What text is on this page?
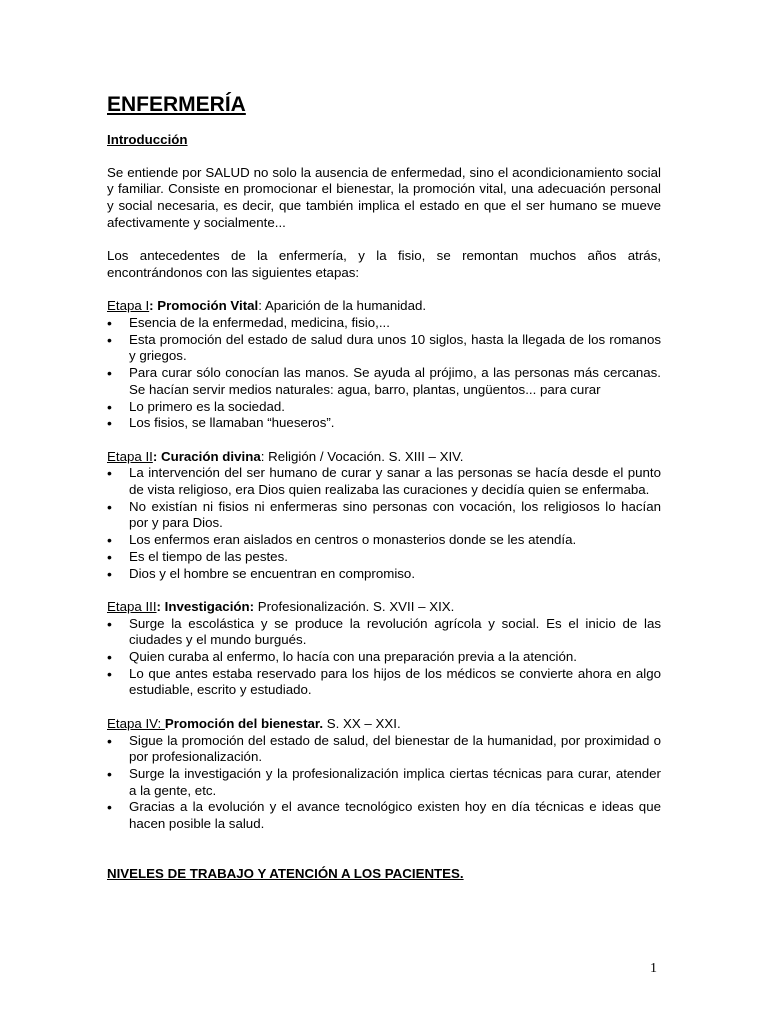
ENFERMERÍA
Introducción

Se entiende por SALUD no solo la ausencia de enfermedad, sino el acondicionamiento social y familiar. Consiste en promocionar el bienestar, la promoción vital, una adecuación personal y social necesaria, es decir, que también implica el estado en que el ser humano se mueve afectivamente y socialmente...

Los antecedentes de la enfermería, y la fisio, se remontan muchos años atrás, encontrándonos con las siguientes etapas:

Etapa I: Promoción Vital: Aparición de la humanidad.
• Esencia de la enfermedad, medicina, fisio,...
• Esta promoción del estado de salud dura unos 10 siglos, hasta la llegada de los romanos y griegos.
• Para curar sólo conocían las manos. Se ayuda al prójimo, a las personas más cercanas. Se hacían servir medios naturales: agua, barro, plantas, ungüentos... para curar
• Lo primero es la sociedad.
• Los fisios, se llamaban “hueseros”.
Etapa II: Curación divina: Religión / Vocación. S. XIII – XIV.
• La intervención del ser humano de curar y sanar a las personas se hacía desde el punto de vista religioso, era Dios quien realizaba las curaciones y decidía quien se enfermaba.
• No existían ni fisios ni enfermeras sino personas con vocación, los religiosos lo hacían por y para Dios.
• Los enfermos eran aislados en centros o monasterios donde se les atendía.
• Es el tiempo de las pestes.
• Dios y el hombre se encuentran en compromiso.
Etapa III: Investigación: Profesionalización. S. XVII – XIX.
• Surge la escolástica y se produce la revolución agrícola y social. Es el inicio de las ciudades y el mundo burgués.
• Quien curaba al enfermo, lo hacía con una preparación previa a la atención.
• Lo que antes estaba reservado para los hijos de los médicos se convierte ahora en algo estudiable, escrito y estudiado.
Etapa IV: Promoción del bienestar. S. XX – XXI.
• Sigue la promoción del estado de salud, del bienestar de la humanidad, por proximidad o por profesionalización.
• Surge la investigación y la profesionalización implica ciertas técnicas para curar, atender a la gente, etc.
• Gracias a la evolución y el avance tecnológico existen hoy en día técnicas e ideas que hacen posible la salud.
NIVELES DE TRABAJO Y ATENCIÓN A LOS PACIENTES.
1
